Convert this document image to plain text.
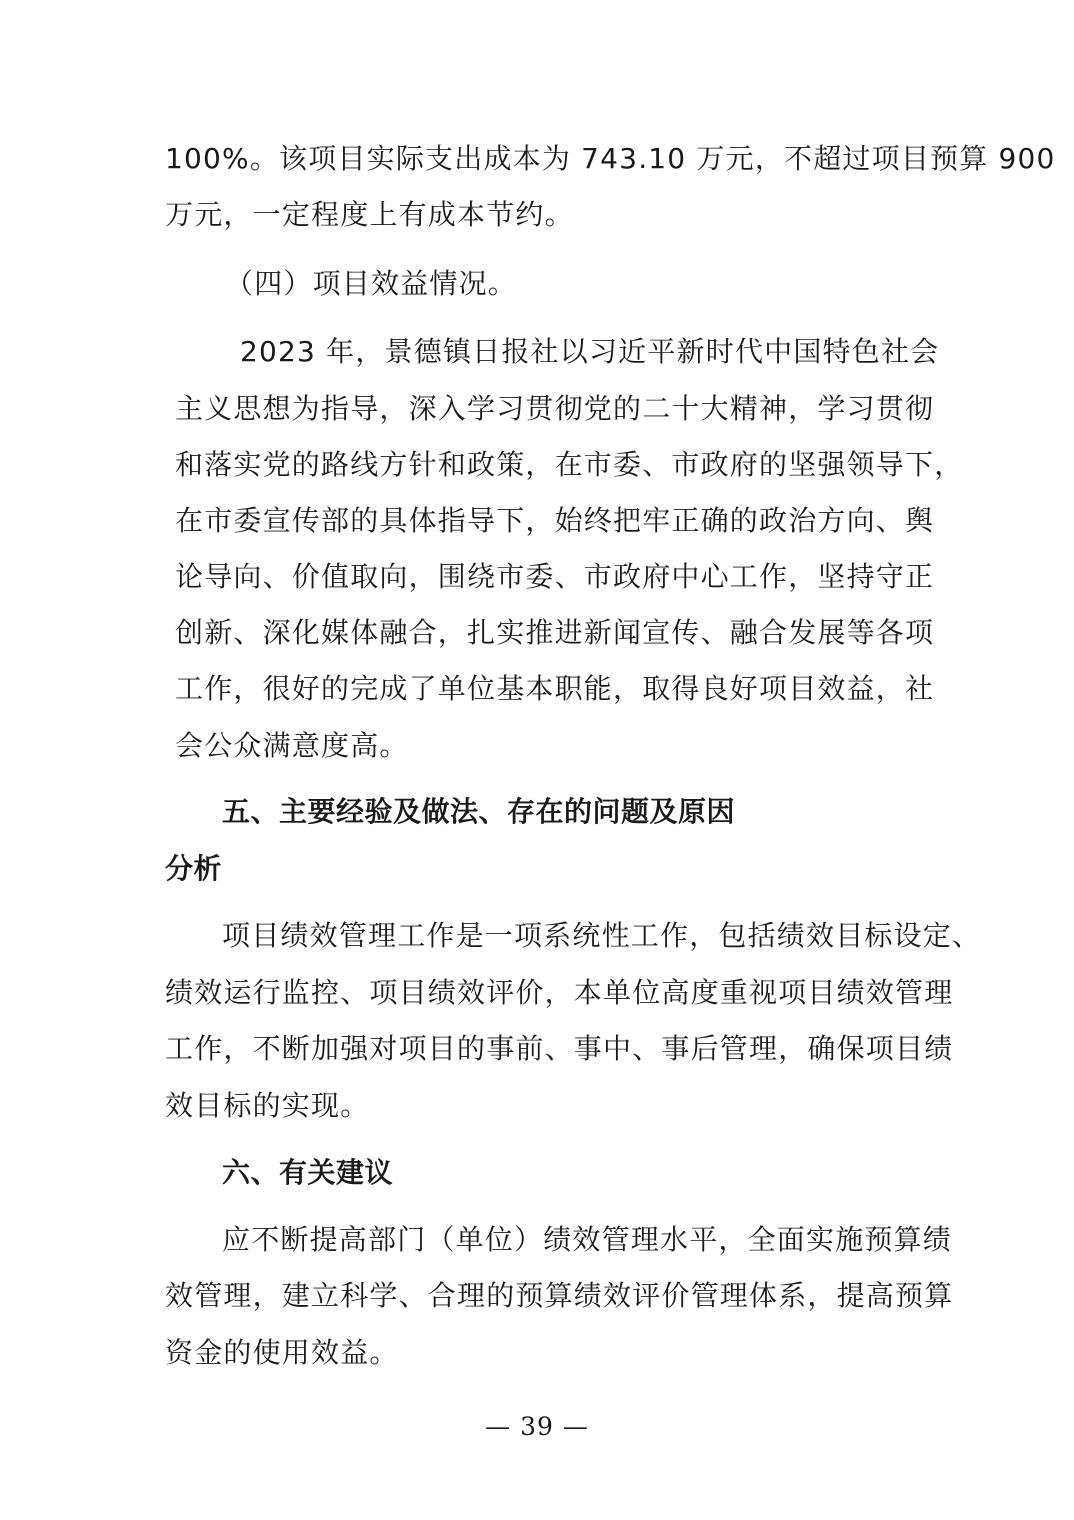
100%。该项目实际支出成本为 743.10 万元，不超过项目预算 900
万元，一定程度上有成本节约。
（四）项目效益情况。
2023 年，景德镇日报社以习近平新时代中国特色社会
主义思想为指导，深入学习贯彻党的二十大精神，学习贯彻
和落实党的路线方针和政策，在市委、市政府的坚强领导下，
在市委宣传部的具体指导下，始终把牢正确的政治方向、舆
论导向、价值取向，围绕市委、市政府中心工作，坚持守正
创新、深化媒体融合，扎实推进新闻宣传、融合发展等各项
工作，很好的完成了单位基本职能，取得良好项目效益，社
会公众满意度高。
五、主要经验及做法、存在的问题及原因
分析
项目绩效管理工作是一项系统性工作，包括绩效目标设定、
绩效运行监控、项目绩效评价，本单位高度重视项目绩效管理
工作，不断加强对项目的事前、事中、事后管理，确保项目绩
效目标的实现。
六、有关建议
应不断提高部门（单位）绩效管理水平，全面实施预算绩
效管理，建立科学、合理的预算绩效评价管理体系，提高预算
资金的使用效益。
— 39 —
